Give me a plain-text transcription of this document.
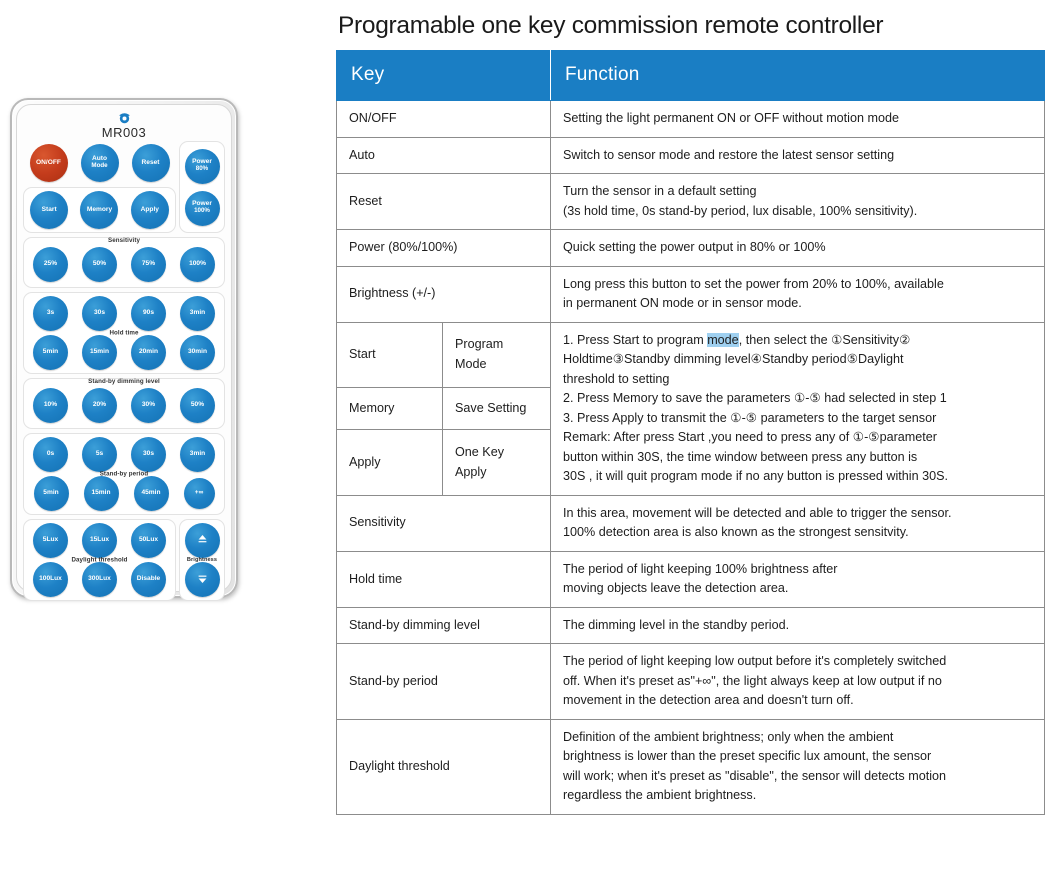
MR003
ON/OFF	Auto
Mode
Reset
Start	Memory	Apply
Power
80%
Power
100%
Sensitivity
25%	50%	75%	100%
Hold time
3s	30s	90s	3min
5min	15min	20min	30min
Stand-by dimming level
10%	20%	30%	50%
Stand-by period
0s	5s	30s	3min
5min	15min	45min	+∞
Daylight threshold
5Lux	15Lux	50Lux
100Lux	300Lux	Disable
Brightness
Programable one key commission remote controller
Key		Function
ON/OFF		Setting the light permanent ON or OFF without motion mode
Auto		Switch to sensor mode and restore the latest sensor setting
Reset		Turn the sensor in a default setting
(3s hold time, 0s stand-by period, lux disable, 100% sensitivity).

Power (80%/100%)		Quick setting the power output in 80% or 100%
Brightness (+/-)		Long press this button to set the power from 20% to 100%, available
in permanent ON mode or in sensor mode.

Start	Program Mode	
1. Press Start to program mode, then select the ①Sensitivity②
Holdtime③Standby dimming level④Standby period⑤Daylight
threshold to setting
2. Press Memory to save the parameters ①-⑤ had selected in step 1
3. Press Apply to transmit the ①-⑤ parameters to the target sensor
Remark: After press Start ,you need to press any of ①-⑤parameter
button within 30S, the time window between press any button is
30S , it will quit program mode if no any button is pressed within 30S.

Memory	Save Setting	
Apply	One Key Apply	
Sensitivity		In this area, movement will be detected and able to trigger the sensor.
100% detection area is also known as the strongest sensitvity.

Hold time		The period of light keeping 100% brightness after
moving objects leave the detection area.

Stand-by dimming level		The dimming level in the standby period.
Stand-by period		The period of light keeping low output before it's completely switched
off. When it's preset as"+∞", the light always keep at low output if no
movement in the detection area and doesn't turn off.

Daylight threshold		Definition of the ambient brightness; only when the ambient
brightness is lower than the preset specific lux amount, the sensor
will work; when it's preset as "disable", the sensor will detects motion
regardless the ambient brightness.
